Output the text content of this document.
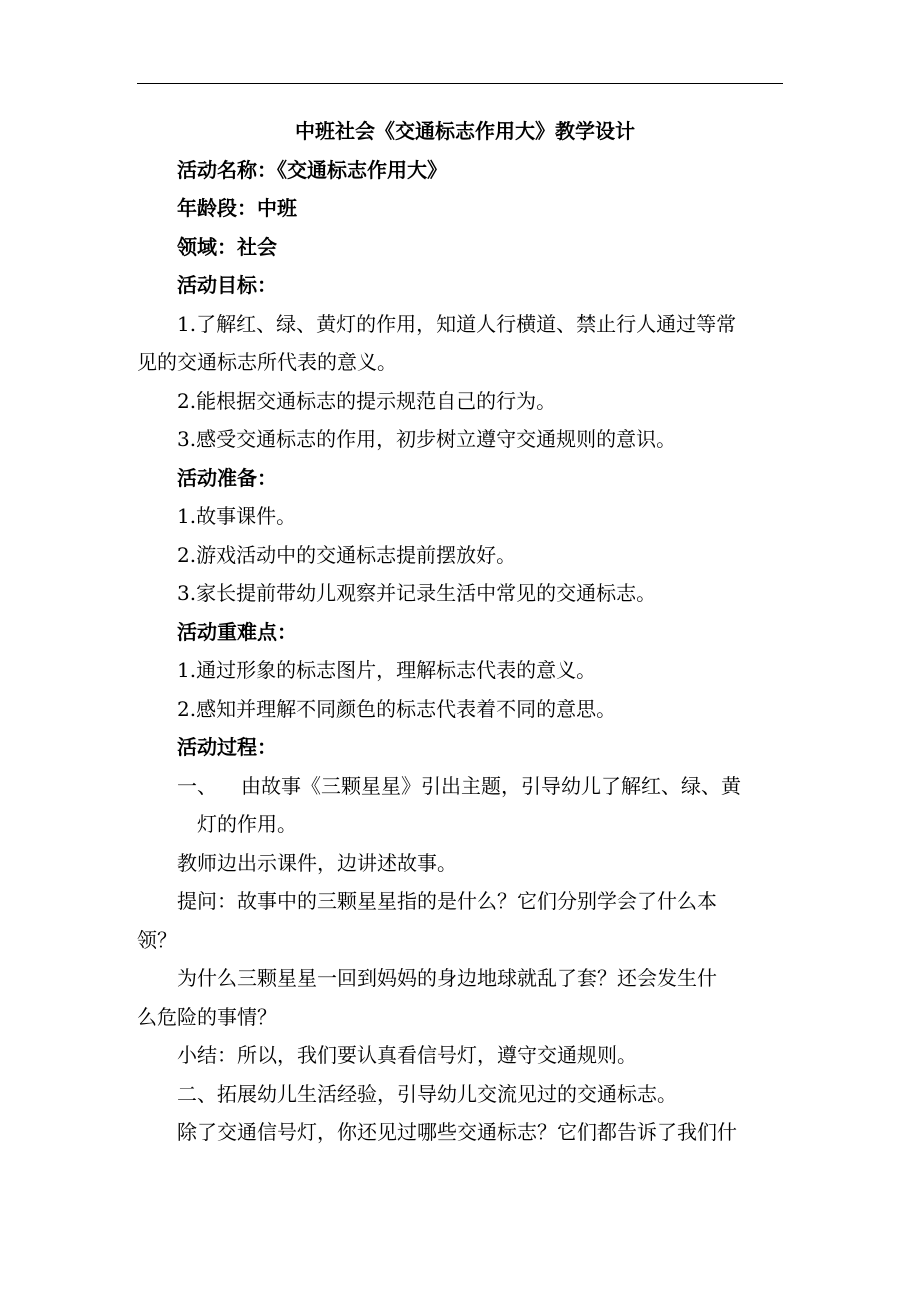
中班社会《交通标志作用大》教学设计

活动名称：《交通标志作用大》

年龄段：中班

领域：社会

活动目标：

1.了解红、绿、黄灯的作用，知道人行横道、禁止行人通过等常

见的交通标志所代表的意义。

2.能根据交通标志的提示规范自己的行为。

3.感受交通标志的作用，初步树立遵守交通规则的意识。

活动准备：

1.故事课件。

2.游戏活动中的交通标志提前摆放好。

3.家长提前带幼儿观察并记录生活中常见的交通标志。

活动重难点：

1.通过形象的标志图片，理解标志代表的意义。

2.感知并理解不同颜色的标志代表着不同的意思。

活动过程：

一、 由故事《三颗星星》引出主题，引导幼儿了解红、绿、黄
灯的作用。

教师边出示课件，边讲述故事。

提问：故事中的三颗星星指的是什么？它们分别学会了什么本

领？

为什么三颗星星一回到妈妈的身边地球就乱了套？还会发生什

么危险的事情？

小结：所以，我们要认真看信号灯，遵守交通规则。

二、拓展幼儿生活经验，引导幼儿交流见过的交通标志。

除了交通信号灯，你还见过哪些交通标志？它们都告诉了我们什
